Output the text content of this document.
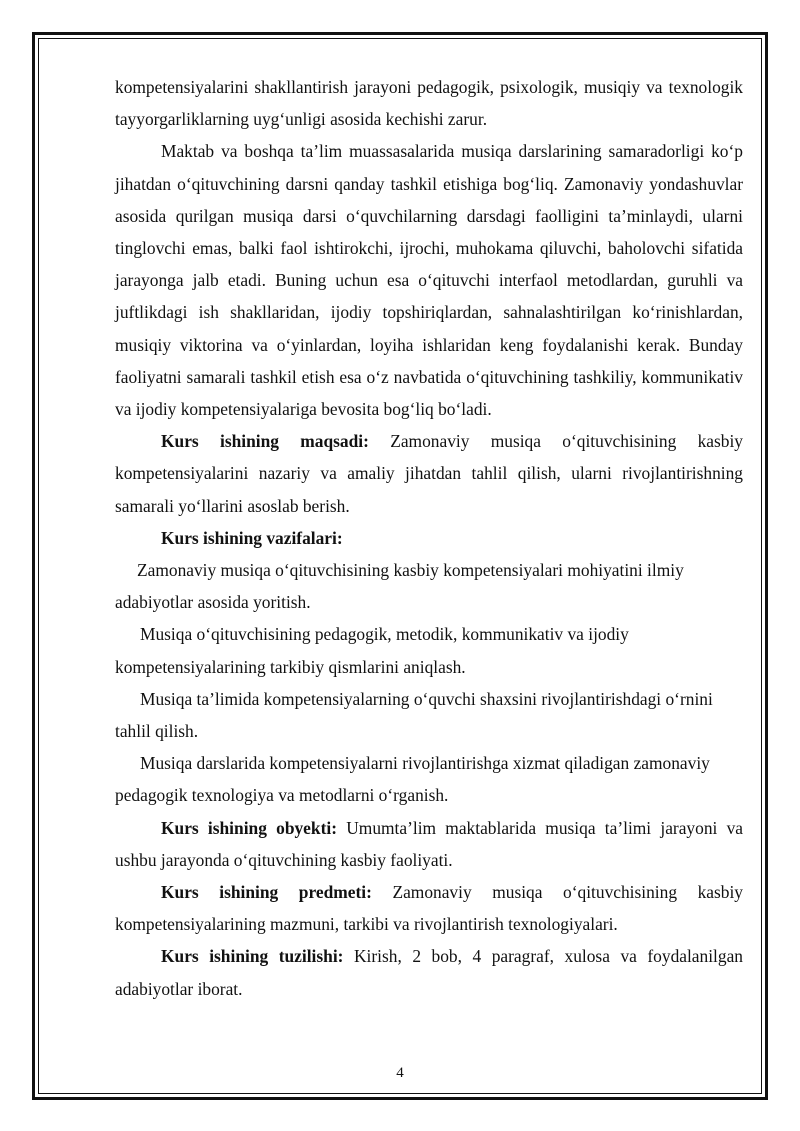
kompetensiyalarini shakllantirish jarayoni pedagogik, psixologik, musiqiy va texnologik tayyorgarliklarning uyg‘unligi asosida kechishi zarur.

Maktab va boshqa ta’lim muassasalarida musiqa darslarining samaradorligi ko‘p jihatdan o‘qituvchining darsni qanday tashkil etishiga bog‘liq. Zamonaviy yondashuvlar asosida qurilgan musiqa darsi o‘quvchilarning darsdagi faolligini ta’minlaydi, ularni tinglovchi emas, balki faol ishtirokchi, ijrochi, muhokama qiluvchi, baholovchi sifatida jarayonga jalb etadi. Buning uchun esa o‘qituvchi interfaol metodlardan, guruhli va juftlikdagi ish shakllaridan, ijodiy topshiriqlardan, sahnalashtirilgan ko‘rinishlardan, musiqiy viktorina va o‘yinlardan, loyiha ishlaridan keng foydalanishi kerak. Bunday faoliyatni samarali tashkil etish esa o‘z navbatida o‘qituvchining tashkiliy, kommunikativ va ijodiy kompetensiyalariga bevosita bog‘liq bo‘ladi.

Kurs ishining maqsadi: Zamonaviy musiqa o‘qituvchisining kasbiy kompetensiyalarini nazariy va amaliy jihatdan tahlil qilish, ularni rivojlantirishning samarali yo‘llarini asoslab berish.

Kurs ishining vazifalari:

Zamonaviy musiqa o‘qituvchisining kasbiy kompetensiyalari mohiyatini ilmiy adabiyotlar asosida yoritish.

Musiqa o‘qituvchisining pedagogik, metodik, kommunikativ va ijodiy kompetensiyalarining tarkibiy qismlarini aniqlash.

Musiqa ta’limida kompetensiyalarning o‘quvchi shaxsini rivojlantirishdagi o‘rnini tahlil qilish.

Musiqa darslarida kompetensiyalarni rivojlantirishga xizmat qiladigan zamonaviy pedagogik texnologiya va metodlarni o‘rganish.

Kurs ishining obyekti: Umumta’lim maktablarida musiqa ta’limi jarayoni va ushbu jarayonda o‘qituvchining kasbiy faoliyati.

Kurs ishining predmeti: Zamonaviy musiqa o‘qituvchisining kasbiy kompetensiyalarining mazmuni, tarkibi va rivojlantirish texnologiyalari.

Kurs ishining tuzilishi: Kirish, 2 bob, 4 paragraf, xulosa va foydalanilgan adabiyotlar iborat.

4
